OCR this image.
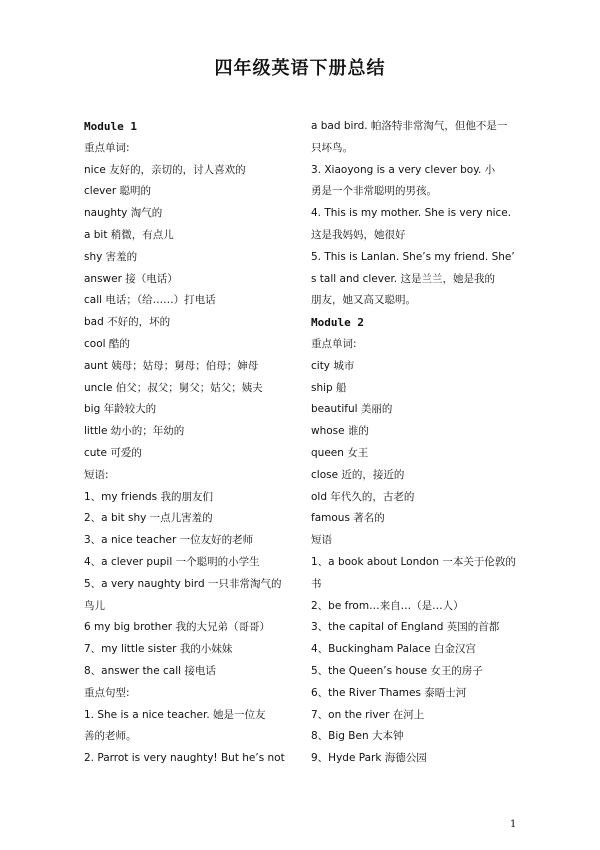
四年级英语下册总结
Module 1
重点单词:
nice 友好的，亲切的，讨人喜欢的
clever 聪明的
naughty 淘气的
a bit 稍微，有点儿
shy 害羞的
answer 接（电话）
call 电话；（给……）打电话
bad 不好的，坏的
cool 酷的
aunt 姨母；姑母；舅母；伯母；婶母
uncle 伯父；叔父；舅父；姑父；姨夫
big 年龄较大的
little 幼小的；年幼的
cute 可爱的
短语:
1、my friends 我的朋友们
2、a bit shy 一点儿害羞的
3、a nice teacher 一位友好的老师
4、a clever pupil 一个聪明的小学生
5、a very naughty bird 一只非常淘气的
鸟儿
6 my big brother 我的大兄弟（哥哥）
7、my little sister 我的小妹妹
8、answer the call 接电话
重点句型:
1. She is a nice teacher. 她是一位友
善的老师。
2. Parrot is very naughty! But he’s not
a bad bird. 帕洛特非常淘气，但他不是一
只坏鸟。
3. Xiaoyong is a very clever boy. 小
勇是一个非常聪明的男孩。
4. This is my mother. She is very nice.
这是我妈妈，她很好
5. This is Lanlan. She’s my friend. She’
s tall and clever. 这是兰兰，她是我的
朋友，她又高又聪明。
Module 2
重点单词:
city 城市
ship 船
beautiful 美丽的
whose 谁的
queen 女王
close 近的，接近的
old 年代久的，古老的
famous 著名的
短语
1、a book about London 一本关于伦敦的
书
2、be from…来自…（是…人）
3、the capital of England 英国的首都
4、Buckingham Palace 白金汉宫
5、the Queen’s house 女王的房子
6、the River Thames 泰晤士河
7、on the river 在河上
8、Big Ben 大本钟
9、Hyde Park 海德公园
1
